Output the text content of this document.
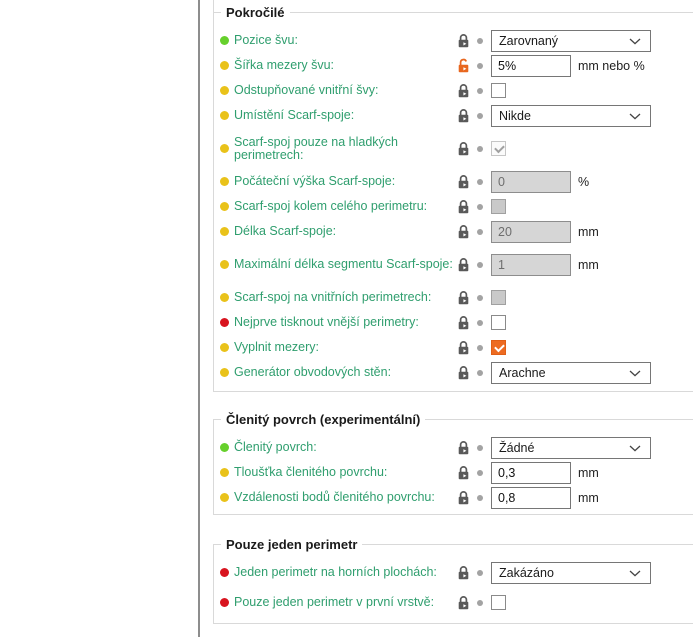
Pokročilé
Pozice švu:	Zarovnaný
Šířka mezery švu:
5%	mm nebo %
Odstupňované vnitřní švy:
Umístění Scarf-spoje:	Nikde
Scarf-spoj pouze na hladkých perimetrech:
Počáteční výška Scarf-spoje:
0	%
Scarf-spoj kolem celého perimetru:
Délka Scarf-spoje:
20	mm
Maximální délka segmentu Scarf-spoje:
1	mm
Scarf-spoj na vnitřních perimetrech:
Nejprve tisknout vnější perimetry:
Vyplnit mezery:
Generátor obvodových stěn:	Arachne
Členitý povrch (experimentální)
Členitý povrch:	Žádné
Tloušťka členitého povrchu:
0,3	mm
Vzdálenosti bodů členitého povrchu:
0,8	mm
Pouze jeden perimetr
Jeden perimetr na horních plochách:	Zakázáno
Pouze jeden perimetr v první vrstvě:
